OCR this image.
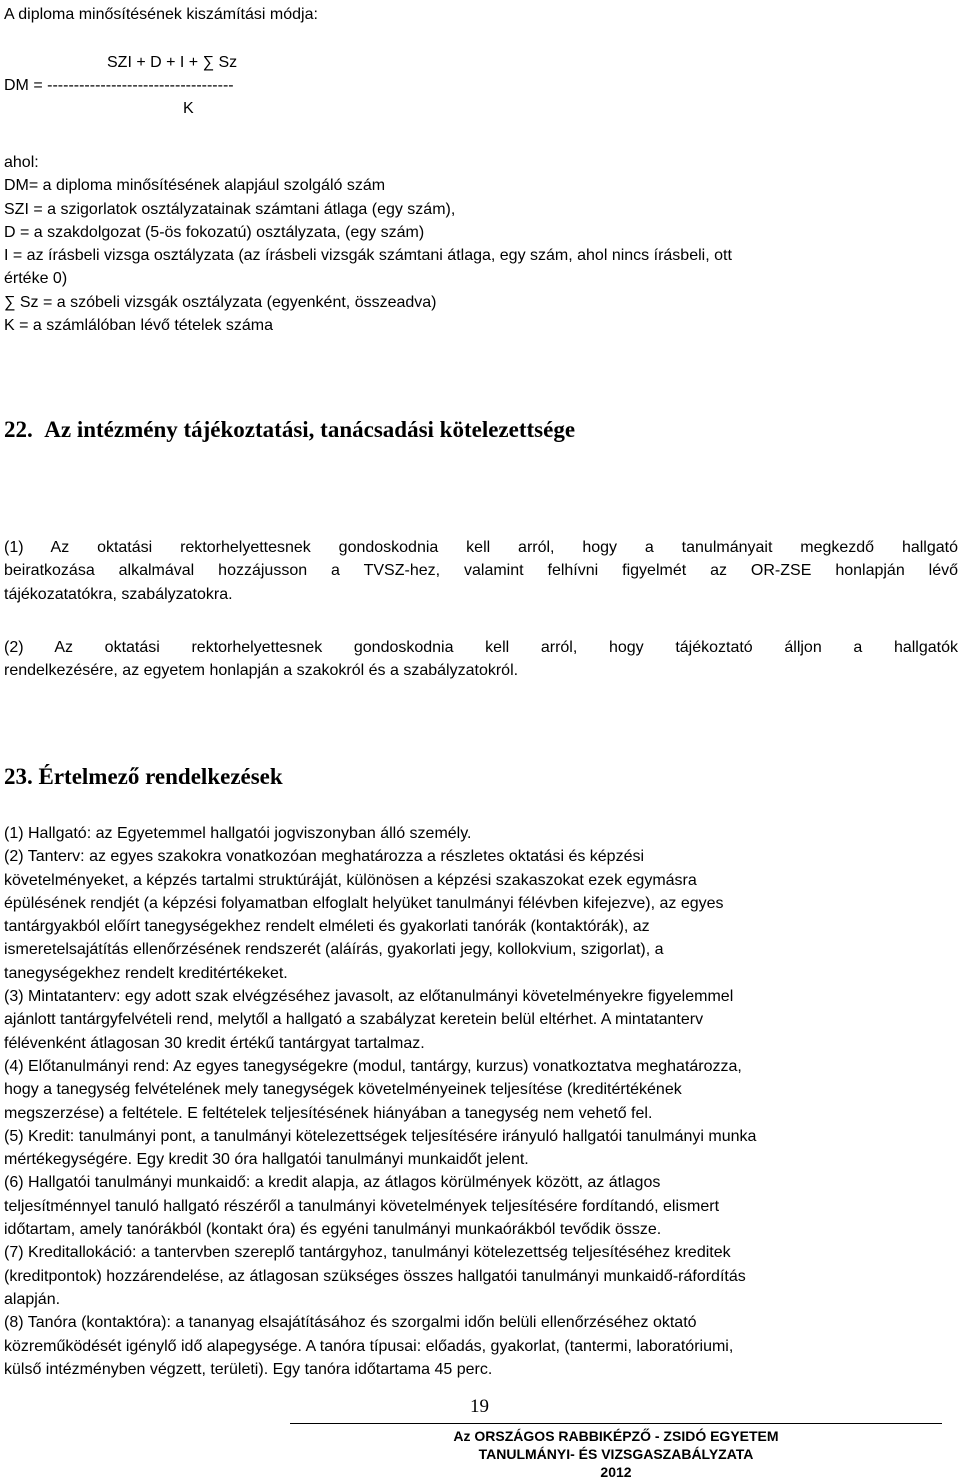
A diploma minősítésének kiszámítási módja:
SZI + D + I + ∑ Sz
DM = -----------------------------------
K
ahol:
DM= a diploma minősítésének alapjául szolgáló szám
SZI = a szigorlatok osztályzatainak számtani átlaga (egy szám),
D = a szakdolgozat (5-ös fokozatú) osztályzata, (egy szám)
I = az írásbeli vizsga osztályzata (az írásbeli vizsgák számtani átlaga, egy szám, ahol nincs írásbeli, ott
értéke 0)
∑ Sz = a szóbeli vizsgák osztályzata (egyenként, összeadva)
K = a számlálóban lévő tételek száma
22. Az intézmény tájékoztatási, tanácsadási kötelezettsége
(1) Az oktatási rektorhelyettesnek gondoskodnia kell arról, hogy a tanulmányait megkezdő hallgató
beiratkozása alkalmával hozzájusson a TVSZ-hez, valamint felhívni figyelmét az OR-ZSE honlapján lévő
tájékozatatókra, szabályzatokra.
(2) Az oktatási rektorhelyettesnek gondoskodnia kell arról, hogy tájékoztató álljon a hallgatók
rendelkezésére, az egyetem honlapján a szakokról és a szabályzatokról.
23. Értelmező rendelkezések
(1) Hallgató: az Egyetemmel hallgatói jogviszonyban álló személy.
(2) Tanterv: az egyes szakokra vonatkozóan meghatározza a részletes oktatási és képzési
követelményeket, a képzés tartalmi struktúráját, különösen a képzési szakaszokat ezek egymásra
épülésének rendjét (a képzési folyamatban elfoglalt helyüket tanulmányi félévben kifejezve), az egyes
tantárgyakból előírt tanegységekhez rendelt elméleti és gyakorlati tanórák (kontaktórák), az
ismeretelsajátítás ellenőrzésének rendszerét (aláírás, gyakorlati jegy, kollokvium, szigorlat), a
tanegységekhez rendelt kreditértékeket.
(3) Mintatanterv: egy adott szak elvégzéséhez javasolt, az előtanulmányi követelményekre figyelemmel
ajánlott tantárgyfelvételi rend, melytől a hallgató a szabályzat keretein belül eltérhet. A mintatanterv
félévenként átlagosan 30 kredit értékű tantárgyat tartalmaz.
(4) Előtanulmányi rend: Az egyes tanegységekre (modul, tantárgy, kurzus) vonatkoztatva meghatározza,
hogy a tanegység felvételének mely tanegységek követelményeinek teljesítése (kreditértékének
megszerzése) a feltétele. E feltételek teljesítésének hiányában a tanegység nem vehető fel.
(5) Kredit: tanulmányi pont, a tanulmányi kötelezettségek teljesítésére irányuló hallgatói tanulmányi munka
mértékegységére. Egy kredit 30 óra hallgatói tanulmányi munkaidőt jelent.
(6) Hallgatói tanulmányi munkaidő: a kredit alapja, az átlagos körülmények között, az átlagos
teljesítménnyel tanuló hallgató részéről a tanulmányi követelmények teljesítésére fordítandó, elismert
időtartam, amely tanórákból (kontakt óra) és egyéni tanulmányi munkaórákból tevődik össze.
(7) Kreditallokáció: a tantervben szereplő tantárgyhoz, tanulmányi kötelezettség teljesítéséhez kreditek
(kreditpontok) hozzárendelése, az átlagosan szükséges összes hallgatói tanulmányi munkaidő-ráfordítás
alapján.
(8) Tanóra (kontaktóra): a tananyag elsajátításához és szorgalmi időn belüli ellenőrzéséhez oktató
közreműködését igénylő idő alapegysége. A tanóra típusai: előadás, gyakorlat, (tantermi, laboratóriumi,
külső intézményben végzett, területi). Egy tanóra időtartama 45 perc.
19
Az ORSZÁGOS RABBIKÉPZŐ - ZSIDÓ EGYETEM
TANULMÁNYI- ÉS VIZSGASZABÁLYZATA
2012
